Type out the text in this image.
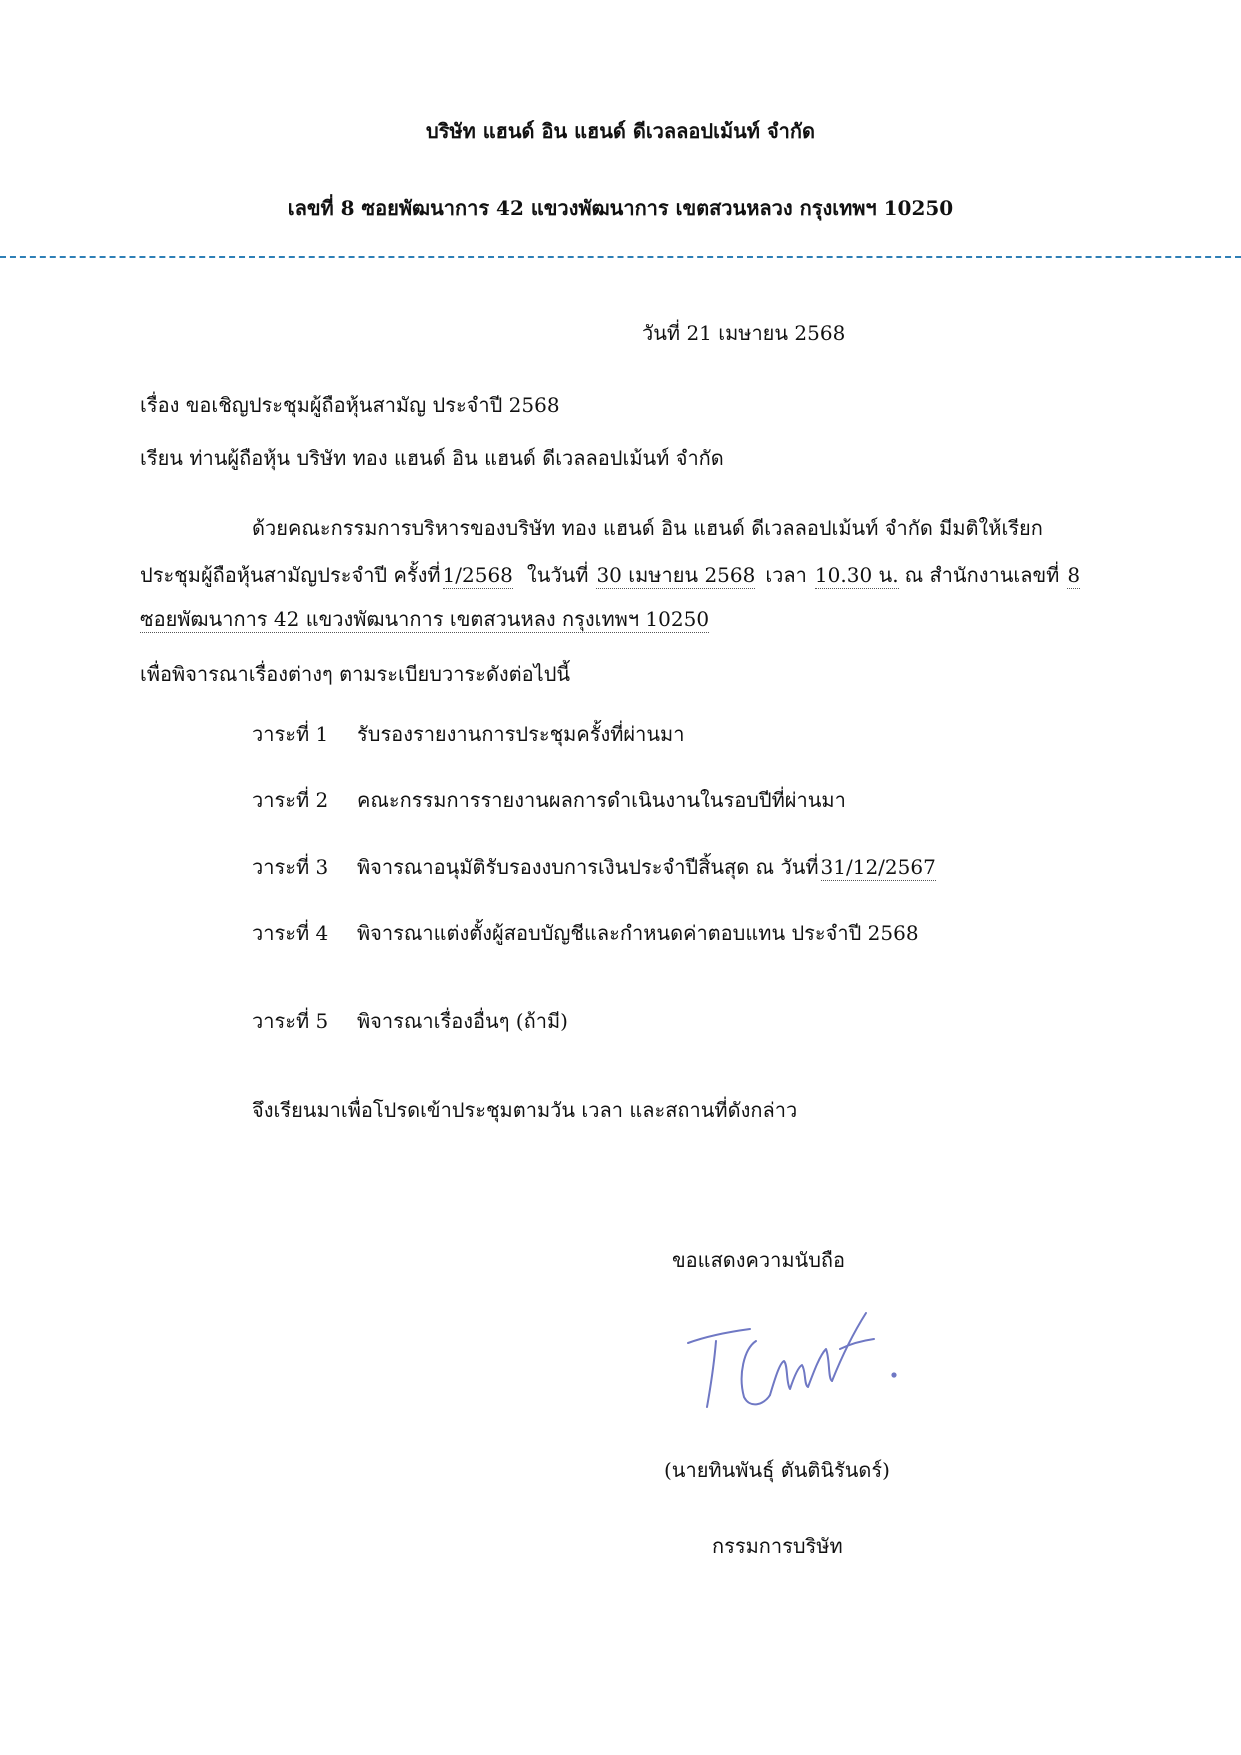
บริษัท แฮนด์ อิน แฮนด์ ดีเวลลอปเม้นท์ จำกัด
เลขที่ 8 ซอยพัฒนาการ 42 แขวงพัฒนาการ เขตสวนหลวง กรุงเทพฯ 10250
วันที่ 21 เมษายน 2568
เรื่อง ขอเชิญประชุมผู้ถือหุ้นสามัญ ประจำปี 2568
เรียน ท่านผู้ถือหุ้น บริษัท ทอง แฮนด์ อิน แฮนด์ ดีเวลลอปเม้นท์ จำกัด
ด้วยคณะกรรมการบริหารของบริษัท ทอง แฮนด์ อิน แฮนด์ ดีเวลลอปเม้นท์ จำกัด มีมติให้เรียก
ประชุมผู้ถือหุ้นสามัญประจำปี ครั้งที่ 1/2568 ในวันที่ 30 เมษายน 2568 เวลา 10.30 น. ณ สำนักงานเลขที่ 8
ซอยพัฒนาการ 42 แขวงพัฒนาการ เขตสวนหลง กรุงเทพฯ 10250
เพื่อพิจารณาเรื่องต่างๆ ตามระเบียบวาระดังต่อไปนี้
วาระที่ 1 รับรองรายงานการประชุมครั้งที่ผ่านมา
วาระที่ 2 คณะกรรมการรายงานผลการดำเนินงานในรอบปีที่ผ่านมา
วาระที่ 3 พิจารณาอนุมัติรับรองงบการเงินประจำปีสิ้นสุด ณ วันที่ 31/12/2567
วาระที่ 4 พิจารณาแต่งตั้งผู้สอบบัญชีและกำหนดค่าตอบแทน ประจำปี 2568
วาระที่ 5 พิจารณาเรื่องอื่นๆ (ถ้ามี)
จึงเรียนมาเพื่อโปรดเข้าประชุมตามวัน เวลา และสถานที่ดังกล่าว
ขอแสดงความนับถือ
(นายทินพันธุ์ ตันตินิรันดร์)
กรรมการบริษัท
